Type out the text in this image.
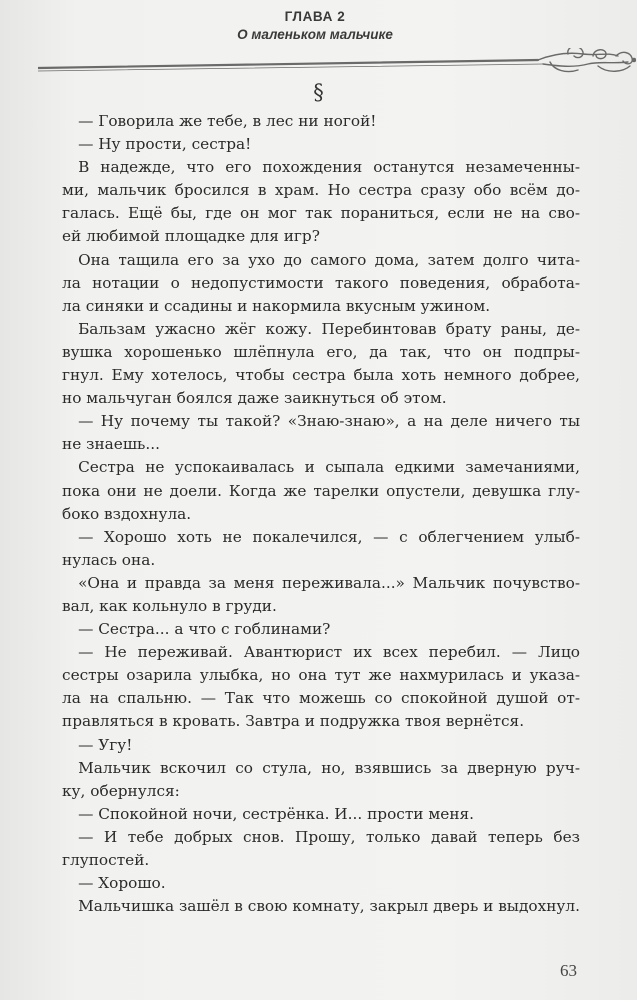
ГЛАВА 2
О маленьком мальчике
§

— Говорила же тебе, в лес ни ногой!

— Ну прости, сестра!

В надежде, что его похождения останутся незамеченны-
ми, мальчик бросился в храм. Но сестра сразу обо всём до-
галась. Ещё бы, где он мог так пораниться, если не на сво-
ей любимой площадке для игр?

Она тащила его за ухо до самого дома, затем долго чита-
ла нотации о недопустимости такого поведения, обработа-
ла синяки и ссадины и накормила вкусным ужином.

Бальзам ужасно жёг кожу. Перебинтовав брату раны, де-
вушка хорошенько шлёпнула его, да так, что он подпры-
гнул. Ему хотелось, чтобы сестра была хоть немного добрее,
но мальчуган боялся даже заикнуться об этом.

— Ну почему ты такой? «Знаю-знаю», а на деле ничего ты
не знаешь...

Сестра не успокаивалась и сыпала едкими замечаниями,
пока они не доели. Когда же тарелки опустели, девушка глу-
боко вздохнула.

— Хорошо хоть не покалечился, — с облегчением улыб-
нулась она.

«Она и правда за меня переживала...» Мальчик почувство-
вал, как кольнуло в груди.

— Сестра... а что с гоблинами?

— Не переживай. Авантюрист их всех перебил. — Лицо
сестры озарила улыбка, но она тут же нахмурилась и указа-
ла на спальню. — Так что можешь со спокойной душой от-
правляться в кровать. Завтра и подружка твоя вернётся.

— Угу!

Мальчик вскочил со стула, но, взявшись за дверную руч-
ку, обернулся:

— Спокойной ночи, сестрёнка. И... прости меня.

— И тебе добрых снов. Прошу, только давай теперь без
глупостей.

— Хорошо.

Мальчишка зашёл в свою комнату, закрыл дверь и выдохнул.

63
